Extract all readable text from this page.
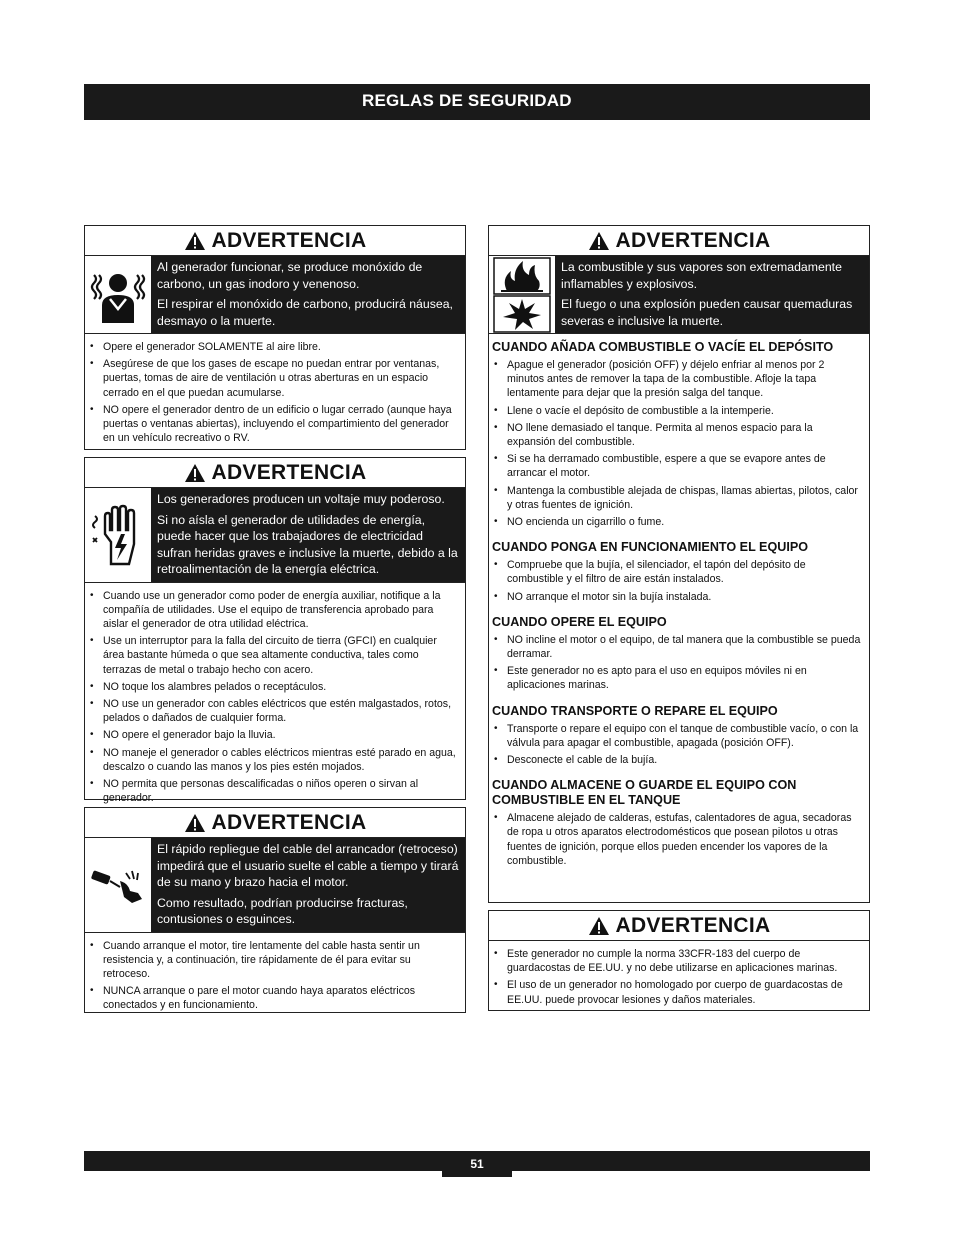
REGLAS DE SEGURIDAD
ADVERTENCIA

Al generador funcionar, se produce monóxido de carbono, un gas inodoro y venenoso.

El respirar el monóxido de carbono, producirá náusea, desmayo o la muerte.

• Opere el generador SOLAMENTE al aire libre.
• Asegúrese de que los gases de escape no puedan entrar por ventanas, puertas, tomas de aire de ventilación u otras aberturas en un espacio cerrado en el que puedan acumularse.
• NO opere el generador dentro de un edificio o lugar cerrado (aunque haya puertas o ventanas abiertas), incluyendo el compartimiento del generador en un vehículo recreativo o RV.
ADVERTENCIA

Los generadores producen un voltaje muy poderoso.

Si no aísla el generador de utilidades de energía, puede hacer que los trabajadores de electricidad sufran heridas graves e inclusive la muerte, debido a la retroalimentación de la energía eléctrica.

• Cuando use un generador como poder de energía auxiliar, notifique a la compañía de utilidades. Use el equipo de transferencia aprobado para aislar el generador de otra utilidad eléctrica.
• Use un interruptor para la falla del circuito de tierra (GFCI) en cualquier área bastante húmeda o que sea altamente conductiva, tales como terrazas de metal o trabajo hecho con acero.
• NO toque los alambres pelados o receptáculos.
• NO use un generador con cables eléctricos que estén malgastados, rotos, pelados o dañados de cualquier forma.
• NO opere el generador bajo la lluvia.
• NO maneje el generador o cables eléctricos mientras esté parado en agua, descalzo o cuando las manos y los pies estén mojados.
• NO permita que personas descalificadas o niños operen o sirvan al generador.
ADVERTENCIA

El rápido repliegue del cable del arrancador (retroceso) impedirá que el usuario suelte el cable a tiempo y tirará de su mano y brazo hacia el motor.

Como resultado, podrían producirse fracturas, contusiones o esguinces.

• Cuando arranque el motor, tire lentamente del cable hasta sentir un resistencia y, a continuación, tire rápidamente de él para evitar su retroceso.
• NUNCA arranque o pare el motor cuando haya aparatos eléctricos conectados y en funcionamiento.
ADVERTENCIA

La combustible y sus vapores son extremadamente inflamables y explosivos.

El fuego o una explosión pueden causar quemaduras severas e inclusive la muerte.

CUANDO AÑADA COMBUSTIBLE O VACÍE EL DEPÓSITO
• Apague el generador (posición OFF) y déjelo enfriar al menos por 2 minutos antes de remover la tapa de la combustible. Afloje la tapa lentamente para dejar que la presión salga del tanque.
• Llene o vacíe el depósito de combustible a la intemperie.
• NO llene demasiado el tanque. Permita al menos espacio para la expansión del combustible.
• Si se ha derramado combustible, espere a que se evapore antes de arrancar el motor.
• Mantenga la combustible alejada de chispas, llamas abiertas, pilotos, calor y otras fuentes de ignición.
• NO encienda un cigarrillo o fume.
CUANDO PONGA EN FUNCIONAMIENTO EL EQUIPO
• Compruebe que la bujía, el silenciador, el tapón del depósito de combustible y el filtro de aire están instalados.
• NO arranque el motor sin la bujía instalada.
CUANDO OPERE EL EQUIPO
• NO incline el motor o el equipo, de tal manera que la combustible se pueda derramar.
• Este generador no es apto para el uso en equipos móviles ni en aplicaciones marinas.
CUANDO TRANSPORTE O REPARE EL EQUIPO
• Transporte o repare el equipo con el tanque de combustible vacío, o con la válvula para apagar el combustible, apagada (posición OFF).
• Desconecte el cable de la bujía.
CUANDO ALMACENE O GUARDE EL EQUIPO CON COMBUSTIBLE EN EL TANQUE
• Almacene alejado de calderas, estufas, calentadores de agua, secadoras de ropa u otros aparatos electrodomésticos que posean pilotos u otras fuentes de ignición, porque ellos pueden encender los vapores de la combustible.
ADVERTENCIA
• Este generador no cumple la norma 33CFR-183 del cuerpo de guardacostas de EE.UU. y no debe utilizarse en aplicaciones marinas.
• El uso de un generador no homologado por cuerpo de guardacostas de EE.UU. puede provocar lesiones y daños materiales.
51
